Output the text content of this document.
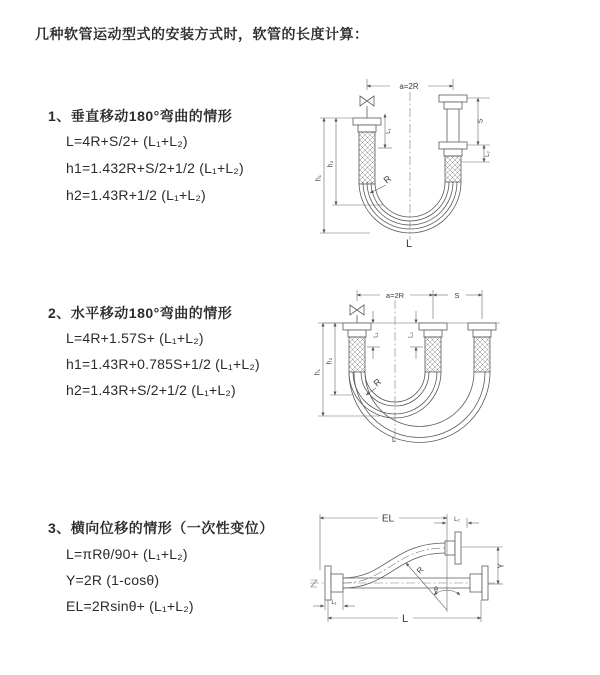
几种软管运动型式的安装方式时，软管的长度计算：
1、垂直移动180°弯曲的情形
L=4R+S/2+ (L₁+L₂)
h1=1.432R+S/2+1/2 (L₁+L₂)
h2=1.43R+1/2 (L₁+L₂)
2、水平移动180°弯曲的情形
L=4R+1.57S+ (L₁+L₂)
h1=1.43R+0.785S+1/2 (L₁+L₂)
h2=1.43R+S/2+1/2 (L₁+L₂)
3、横向位移的情形（一次性变位）
L=πRθ/90+ (L₁+L₂)
Y=2R (1-cosθ)
EL=2Rsinθ+ (L₁+L₂)
a=2R
h₁
h₂
L₁
S
L₂
R
L
a=2R	S
h₁
h₂
L₁	L₂
R
L
EL	L₂
Y
R
θ
L₁
L
